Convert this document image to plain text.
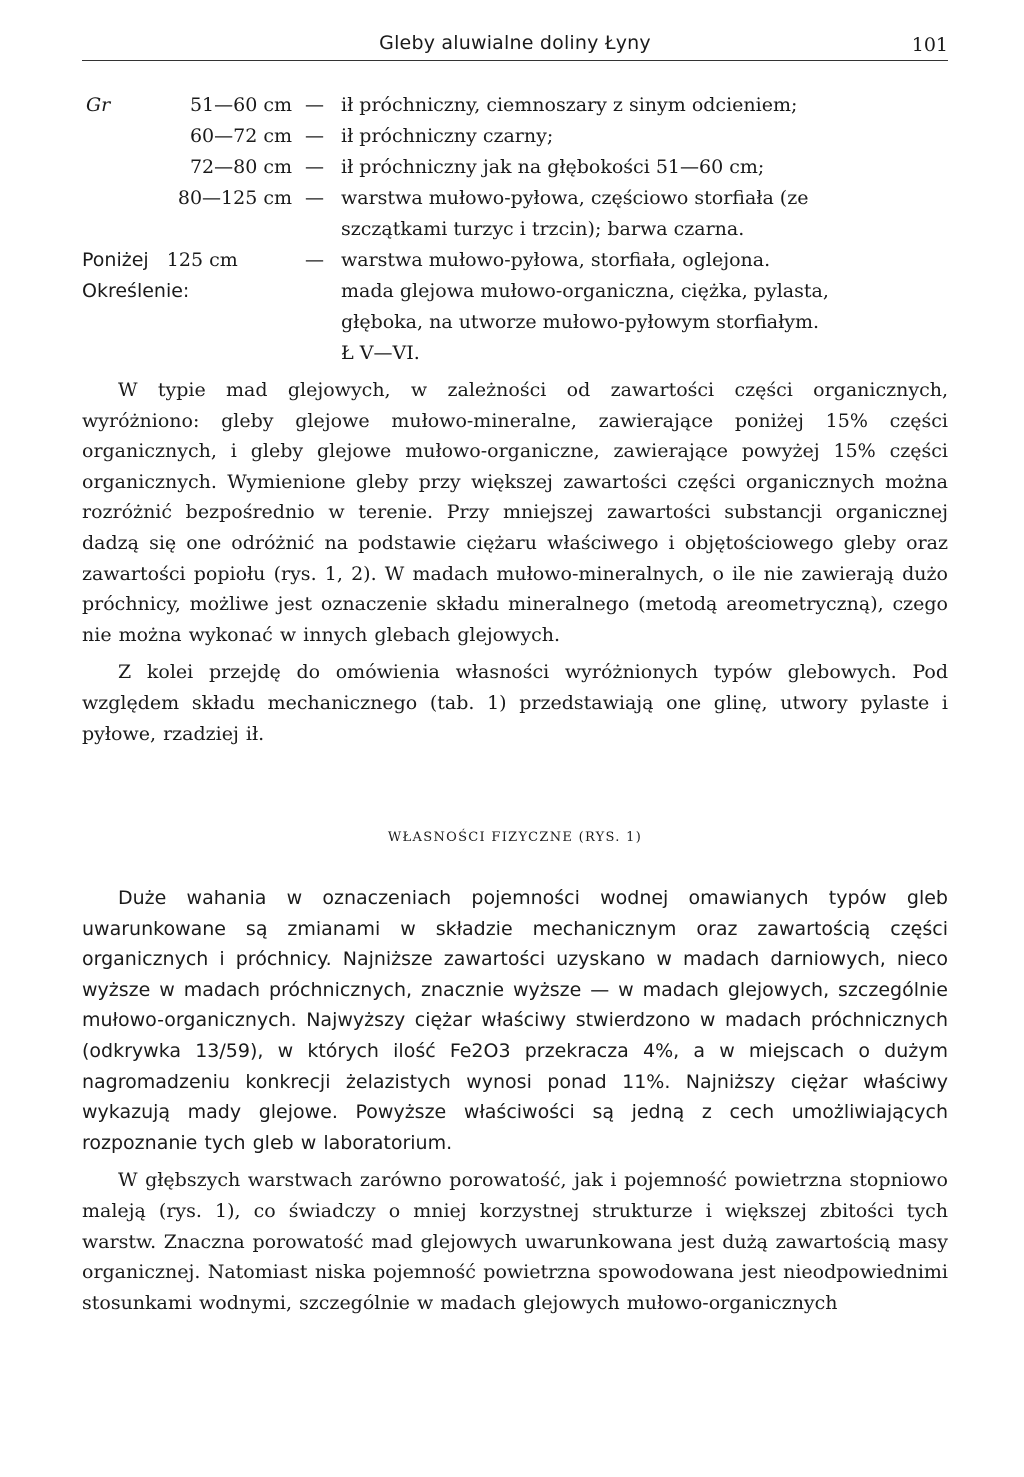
Gleby aluwialne doliny Łyny	101
Gr	51—60 cm — ił próchniczny, ciemnoszary z sinym odcieniem;
60—72 cm — ił próchniczny czarny;
72—80 cm — ił próchniczny jak na głębokości 51—60 cm;
80—125 cm — warstwa mułowo-pyłowa, częściowo storfiała (ze
szczątkami turzyc i trzcin); barwa czarna.
Poniżej 125 cm	— warstwa mułowo-pyłowa, storfiała, oglejona.
Określenie:	mada glejowa mułowo-organiczna, ciężka, pylasta,
głęboka, na utworze mułowo-pyłowym storfiałym.
Ł V—VI.

W typie mad glejowych, w zależności od zawartości części organicznych, wyróżniono: gleby glejowe mułowo-mineralne, zawierające poniżej 15% części organicznych, i gleby glejowe mułowo-organiczne, zawierające powyżej 15% części organicznych. Wymienione gleby przy większej zawartości części organicznych można rozróżnić bezpośrednio w terenie. Przy mniejszej zawartości substancji organicznej dadzą się one odróżnić na podstawie ciężaru właściwego i objętościowego gleby oraz zawartości popiołu (rys. 1, 2). W madach mułowo-mineralnych, o ile nie zawierają dużo próchnicy, możliwe jest oznaczenie składu mineralnego (metodą areometryczną), czego nie można wykonać w innych glebach glejowych.

Z kolei przejdę do omówienia własności wyróżnionych typów glebowych. Pod względem składu mechanicznego (tab. 1) przedstawiają one glinę, utwory pylaste i pyłowe, rzadziej ił.

WŁASNOŚCI FIZYCZNE (RYS. 1)

Duże wahania w oznaczeniach pojemności wodnej omawianych typów gleb uwarunkowane są zmianami w składzie mechanicznym oraz zawartością części organicznych i próchnicy. Najniższe zawartości uzyskano w madach darniowych, nieco wyższe w madach próchnicznych, znacznie wyższe — w madach glejowych, szczególnie mułowo-organicznych. Najwyższy ciężar właściwy stwierdzono w madach próchnicznych (odkrywka 13/59), w których ilość Fe2O3 przekracza 4%, a w miejscach o dużym nagromadzeniu konkrecji żelazistych wynosi ponad 11%. Najniższy ciężar właściwy wykazują mady glejowe. Powyższe właściwości są jedną z cech umożliwiających rozpoznanie tych gleb w laboratorium.

W głębszych warstwach zarówno porowatość, jak i pojemność powietrzna stopniowo maleją (rys. 1), co świadczy o mniej korzystnej strukturze i większej zbitości tych warstw. Znaczna porowatość mad glejowych uwarunkowana jest dużą zawartością masy organicznej. Natomiast niska pojemność powietrzna spowodowana jest nieodpowiednimi stosunkami wodnymi, szczególnie w madach glejowych mułowo-organicznych
